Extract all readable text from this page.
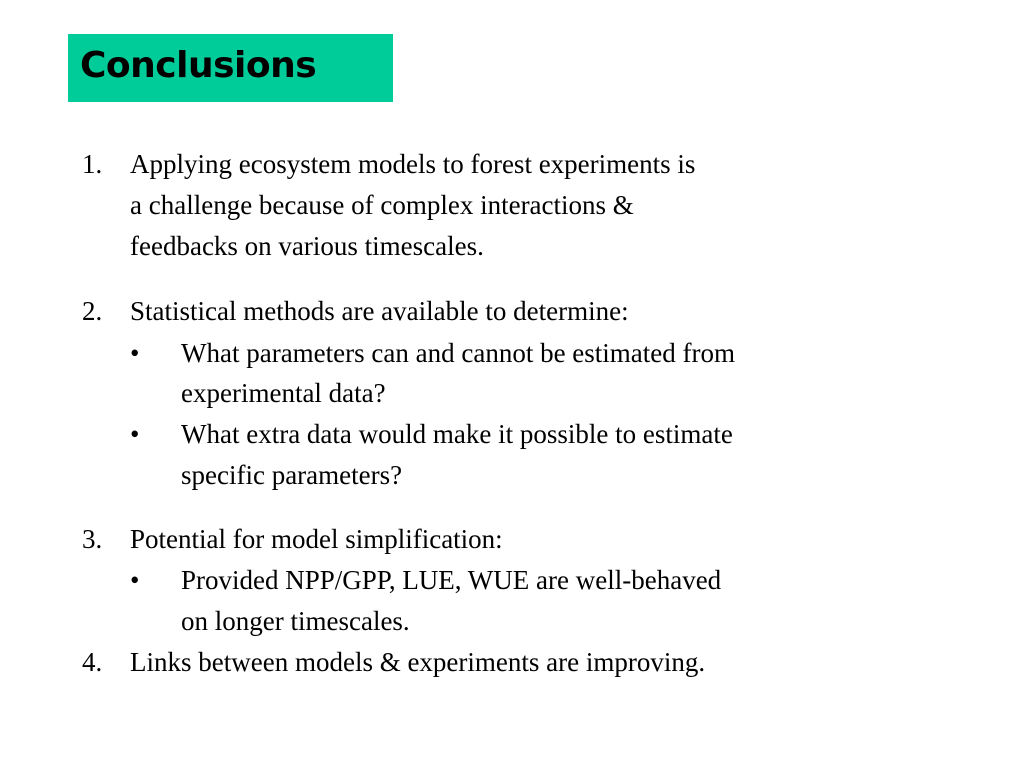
Conclusions
1. Applying ecosystem models to forest experiments is
a challenge because of complex interactions &
feedbacks on various timescales.
2. Statistical methods are available to determine:
• What parameters can and cannot be estimated from
experimental data?
• What extra data would make it possible to estimate
specific parameters?
3. Potential for model simplification:
• Provided NPP/GPP, LUE, WUE are well-behaved
on longer timescales.
4. Links between models & experiments are improving.
